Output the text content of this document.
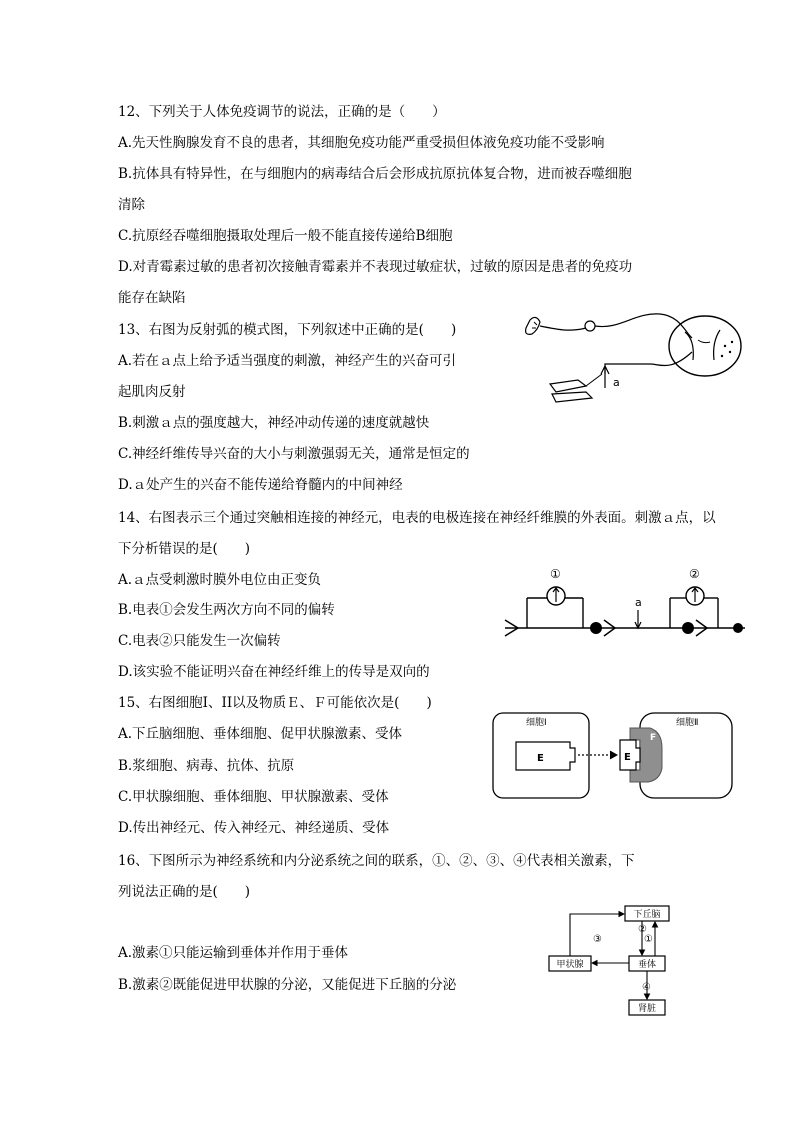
12、下列关于人体免疫调节的说法，正确的是（　　）
A.先天性胸腺发育不良的患者，其细胞免疫功能严重受损但体液免疫功能不受影响
B.抗体具有特异性，在与细胞内的病毒结合后会形成抗原抗体复合物，进而被吞噬细胞
清除
C.抗原经吞噬细胞摄取处理后一般不能直接传递给B细胞
D.对青霉素过敏的患者初次接触青霉素并不表现过敏症状，过敏的原因是患者的免疫功
能存在缺陷
13、右图为反射弧的模式图，下列叙述中正确的是(　　)
A.若在ａ点上给予适当强度的刺激，神经产生的兴奋可引
起肌肉反射
B.刺激ａ点的强度越大，神经冲动传递的速度就越快
C.神经纤维传导兴奋的大小与刺激强弱无关，通常是恒定的
D.ａ处产生的兴奋不能传递给脊髓内的中间神经
a
14、右图表示三个通过突触相连接的神经元，电表的电极连接在神经纤维膜的外表面。刺激ａ点，以
下分析错误的是(　　)
A.ａ点受刺激时膜外电位由正变负
B.电表①会发生两次方向不同的偏转
C.电表②只能发生一次偏转
D.该实验不能证明兴奋在神经纤维上的传导是双向的
①	②
a
15、右图细胞Ⅰ、II以及物质Ｅ、Ｆ可能依次是(　　)
A.下丘脑细胞、垂体细胞、促甲状腺激素、受体
B.浆细胞、病毒、抗体、抗原
C.甲状腺细胞、垂体细胞、甲状腺激素、受体
D.传出神经元、传入神经元、神经递质、受体
细胞Ⅰ
E
细胞Ⅱ
F
E
16、下图所示为神经系统和内分泌系统之间的联系，①、②、③、④代表相关激素，下
列说法正确的是(　　)
A.激素①只能运输到垂体并作用于垂体
B.激素②既能促进甲状腺的分泌，又能促进下丘脑的分泌
下丘脑
垂体
甲状腺
肾脏
①
②
③
④
